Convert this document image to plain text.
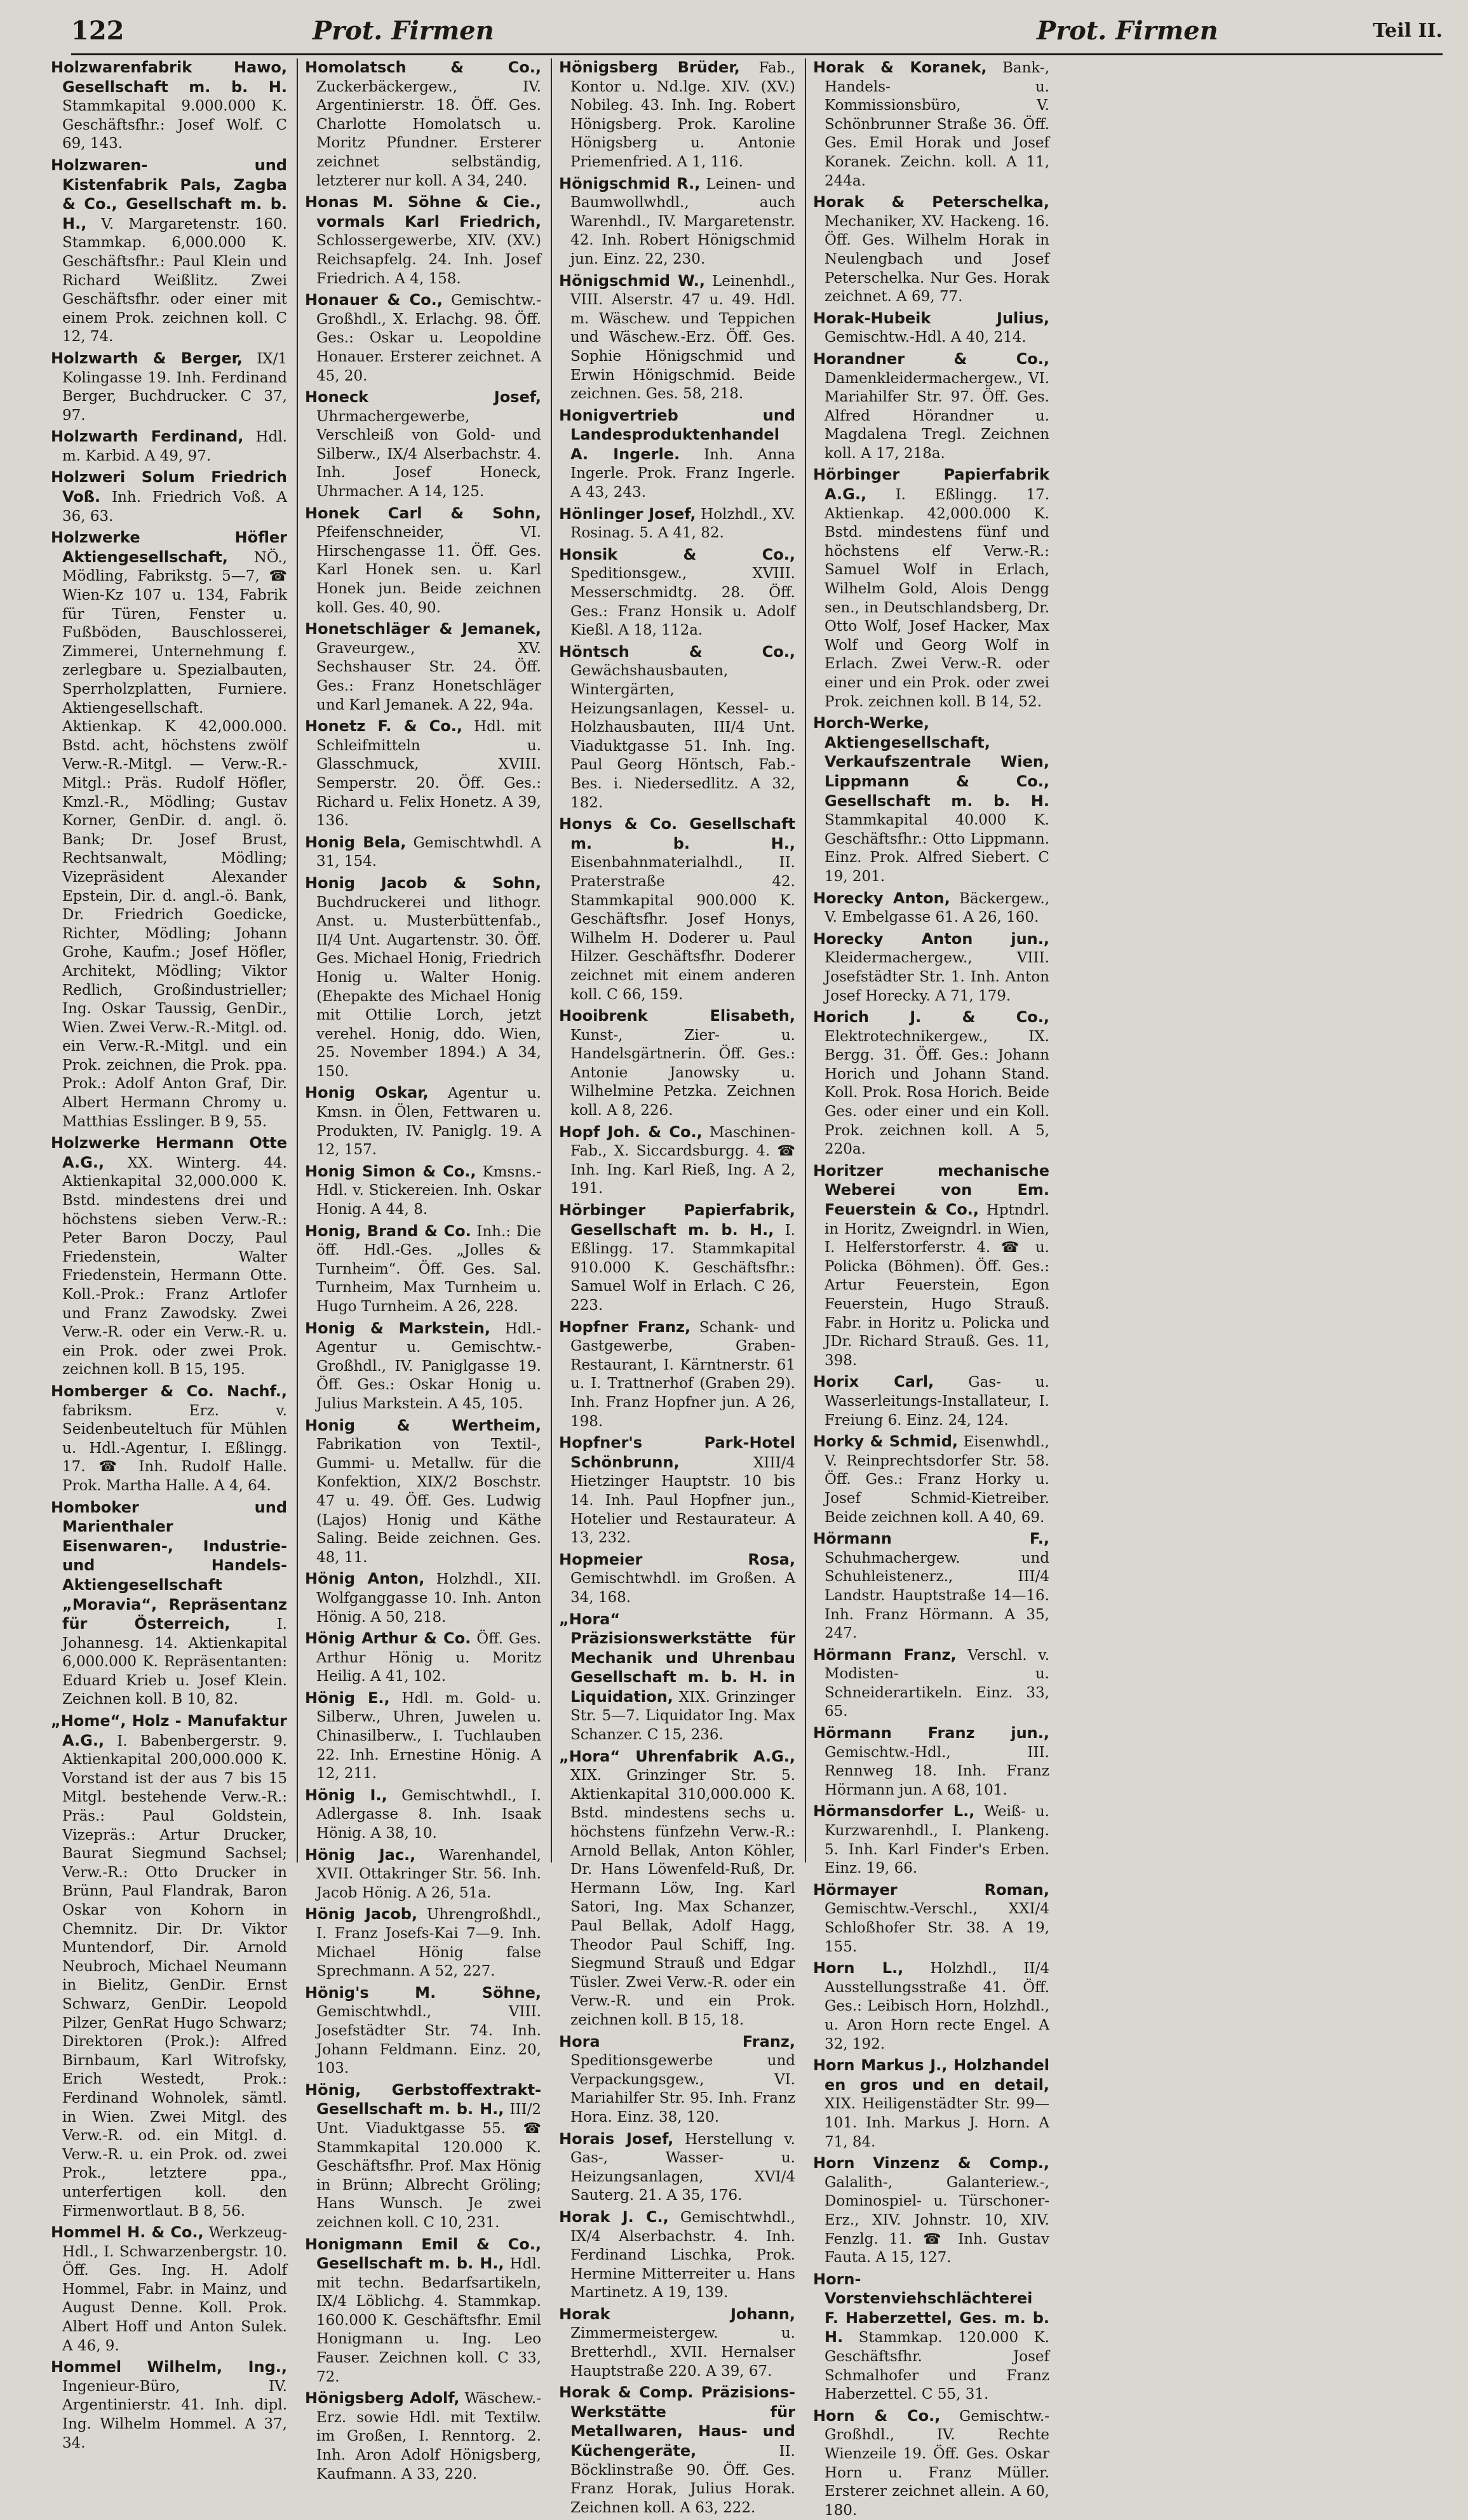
122	Prot. Firmen	Prot. Firmen	Teil II.

Holzwarenfabrik Hawo, Gesellschaft m. b. H. Stammkapital 9.000.000 K. Geschäftsfhr.: Josef Wolf. C 69, 143.

Holzwaren- und Kistenfabrik Pals, Zagba & Co., Gesellschaft m. b. H., V. Margaretenstr. 160. Stammkap. 6,000.000 K. Geschäftsfhr.: Paul Klein und Richard Weißlitz. Zwei Geschäftsfhr. oder einer mit einem Prok. zeichnen koll. C 12, 74.

Holzwarth & Berger, IX/1 Kolingasse 19. Inh. Ferdinand Berger, Buchdrucker. C 37, 97.

Holzwarth Ferdinand, Hdl. m. Karbid. A 49, 97.

Holzweri Solum Friedrich Voß. Inh. Friedrich Voß. A 36, 63.

Holzwerke Höfler Aktiengesellschaft, NÖ., Mödling, Fabrikstg. 5—7, ☎ Wien-Kz 107 u. 134, Fabrik für Türen, Fenster u. Fußböden, Bauschlosserei, Zimmerei, Unternehmung f. zerlegbare u. Spezialbauten, Sperrholzplatten, Furniere. Aktiengesellschaft. Aktienkap. K 42,000.000. Bstd. acht, höchstens zwölf Verw.-R.-Mitgl. — Verw.-R.-Mitgl.: Präs. Rudolf Höfler, Kmzl.-R., Mödling; Gustav Korner, GenDir. d. angl. ö. Bank; Dr. Josef Brust, Rechtsanwalt, Mödling; Vizepräsident Alexander Epstein, Dir. d. angl.-ö. Bank, Dr. Friedrich Goedicke, Richter, Mödling; Johann Grohe, Kaufm.; Josef Höfler, Architekt, Mödling; Viktor Redlich, Großindustrieller; Ing. Oskar Taussig, GenDir., Wien. Zwei Verw.-R.-Mitgl. od. ein Verw.-R.-Mitgl. und ein Prok. zeichnen, die Prok. ppa. Prok.: Adolf Anton Graf, Dir. Albert Hermann Chromy u. Matthias Esslinger. B 9, 55.

Holzwerke Hermann Otte A.G., XX. Winterg. 44. Aktienkapital 32,000.000 K. Bstd. mindestens drei und höchstens sieben Verw.-R.: Peter Baron Doczy, Paul Friedenstein, Walter Friedenstein, Hermann Otte. Koll.-Prok.: Franz Artlofer und Franz Zawodsky. Zwei Verw.-R. oder ein Verw.-R. u. ein Prok. oder zwei Prok. zeichnen koll. B 15, 195.

Homberger & Co. Nachf., fabriksm. Erz. v. Seidenbeuteltuch für Mühlen u. Hdl.-Agentur, I. Eßlingg. 17. ☎ Inh. Rudolf Halle. Prok. Martha Halle. A 4, 64.

Homboker und Marienthaler Eisenwaren-, Industrie- und Handels- Aktiengesellschaft „Moravia“, Repräsentanz für Österreich, I. Johannesg. 14. Aktienkapital 6,000.000 K. Repräsentanten: Eduard Krieb u. Josef Klein. Zeichnen koll. B 10, 82.

„Home“, Holz - Manufaktur A.G., I. Babenbergerstr. 9. Aktienkapital 200,000.000 K. Vorstand ist der aus 7 bis 15 Mitgl. bestehende Verw.-R.: Präs.: Paul Goldstein, Vizepräs.: Artur Drucker, Baurat Siegmund Sachsel; Verw.-R.: Otto Drucker in Brünn, Paul Flandrak, Baron Oskar von Kohorn in Chemnitz. Dir. Dr. Viktor Muntendorf, Dir. Arnold Neubroch, Michael Neumann in Bielitz, GenDir. Ernst Schwarz, GenDir. Leopold Pilzer, GenRat Hugo Schwarz; Direktoren (Prok.): Alfred Birnbaum, Karl Witrofsky, Erich Westedt, Prok.: Ferdinand Wohnolek, sämtl. in Wien. Zwei Mitgl. des Verw.-R. od. ein Mitgl. d. Verw.-R. u. ein Prok. od. zwei Prok., letztere ppa., unterfertigen koll. den Firmenwortlaut. B 8, 56.

Hommel H. & Co., Werkzeug-Hdl., I. Schwarzenbergstr. 10. Öff. Ges. Ing. H. Adolf Hommel, Fabr. in Mainz, und August Denne. Koll. Prok. Albert Hoff und Anton Sulek. A 46, 9.

Hommel Wilhelm, Ing., Ingenieur-Büro, IV. Argentinierstr. 41. Inh. dipl. Ing. Wilhelm Hommel. A 37, 34.

Homolatsch & Co., Zuckerbäckergew., IV. Argentinierstr. 18. Öff. Ges. Charlotte Homolatsch u. Moritz Pfundner. Ersterer zeichnet selbständig, letzterer nur koll. A 34, 240.

Honas M. Söhne & Cie., vormals Karl Friedrich, Schlossergewerbe, XIV. (XV.) Reichsapfelg. 24. Inh. Josef Friedrich. A 4, 158.

Honauer & Co., Gemischtw.-Großhdl., X. Erlachg. 98. Öff. Ges.: Oskar u. Leopoldine Honauer. Ersterer zeichnet. A 45, 20.

Honeck Josef, Uhrmachergewerbe, Verschleiß von Gold- und Silberw., IX/4 Alserbachstr. 4. Inh. Josef Honeck, Uhrmacher. A 14, 125.

Honek Carl & Sohn, Pfeifenschneider, VI. Hirschengasse 11. Öff. Ges. Karl Honek sen. u. Karl Honek jun. Beide zeichnen koll. Ges. 40, 90.

Honetschläger & Jemanek, Graveurgew., XV. Sechshauser Str. 24. Öff. Ges.: Franz Honetschläger und Karl Jemanek. A 22, 94a.

Honetz F. & Co., Hdl. mit Schleifmitteln u. Glasschmuck, XVIII. Semperstr. 20. Öff. Ges.: Richard u. Felix Honetz. A 39, 136.

Honig Bela, Gemischtwhdl. A 31, 154.

Honig Jacob & Sohn, Buchdruckerei und lithogr. Anst. u. Musterbüttenfab., II/4 Unt. Augartenstr. 30. Öff. Ges. Michael Honig, Friedrich Honig u. Walter Honig. (Ehepakte des Michael Honig mit Ottilie Lorch, jetzt verehel. Honig, ddo. Wien, 25. November 1894.) A 34, 150.

Honig Oskar, Agentur u. Kmsn. in Ölen, Fettwaren u. Produkten, IV. Paniglg. 19. A 12, 157.

Honig Simon & Co., Kmsns.-Hdl. v. Stickereien. Inh. Oskar Honig. A 44, 8.

Honig, Brand & Co. Inh.: Die öff. Hdl.-Ges. „Jolles & Turnheim“. Öff. Ges. Sal. Turnheim, Max Turnheim u. Hugo Turnheim. A 26, 228.

Honig & Markstein, Hdl.-Agentur u. Gemischtw.-Großhdl., IV. Paniglgasse 19. Öff. Ges.: Oskar Honig u. Julius Markstein. A 45, 105.

Honig & Wertheim, Fabrikation von Textil-, Gummi- u. Metallw. für die Konfektion, XIX/2 Boschstr. 47 u. 49. Öff. Ges. Ludwig (Lajos) Honig und Käthe Saling. Beide zeichnen. Ges. 48, 11.

Hönig Anton, Holzhdl., XII. Wolfganggasse 10. Inh. Anton Hönig. A 50, 218.

Hönig Arthur & Co. Öff. Ges. Arthur Hönig u. Moritz Heilig. A 41, 102.

Hönig E., Hdl. m. Gold- u. Silberw., Uhren, Juwelen u. Chinasilberw., I. Tuchlauben 22. Inh. Ernestine Hönig. A 12, 211.

Hönig I., Gemischtwhdl., I. Adlergasse 8. Inh. Isaak Hönig. A 38, 10.

Hönig Jac., Warenhandel, XVII. Ottakringer Str. 56. Inh. Jacob Hönig. A 26, 51a.

Hönig Jacob, Uhrengroßhdl., I. Franz Josefs-Kai 7—9. Inh. Michael Hönig false Sprechmann. A 52, 227.

Hönig's M. Söhne, Gemischtwhdl., VIII. Josefstädter Str. 74. Inh. Johann Feldmann. Einz. 20, 103.

Hönig, Gerbstoffextrakt-Gesellschaft m. b. H., III/2 Unt. Viaduktgasse 55. ☎ Stammkapital 120.000 K. Geschäftsfhr. Prof. Max Hönig in Brünn; Albrecht Gröling; Hans Wunsch. Je zwei zeichnen koll. C 10, 231.

Honigmann Emil & Co., Gesellschaft m. b. H., Hdl. mit techn. Bedarfsartikeln, IX/4 Löblichg. 4. Stammkap. 160.000 K. Geschäftsfhr. Emil Honigmann u. Ing. Leo Fauser. Zeichnen koll. C 33, 72.

Hönigsberg Adolf, Wäschew.-Erz. sowie Hdl. mit Textilw. im Großen, I. Renntorg. 2. Inh. Aron Adolf Hönigsberg, Kaufmann. A 33, 220.

Hönigsberg Brüder, Fab., Kontor u. Nd.lge. XIV. (XV.) Nobileg. 43. Inh. Ing. Robert Hönigsberg. Prok. Karoline Hönigsberg u. Antonie Priemenfried. A 1, 116.

Hönigschmid R., Leinen- und Baumwollwhdl., auch Warenhdl., IV. Margaretenstr. 42. Inh. Robert Hönigschmid jun. Einz. 22, 230.

Hönigschmid W., Leinenhdl., VIII. Alserstr. 47 u. 49. Hdl. m. Wäschew. und Teppichen und Wäschew.-Erz. Öff. Ges. Sophie Hönigschmid und Erwin Hönigschmid. Beide zeichnen. Ges. 58, 218.

Honigvertrieb und Landesproduktenhandel A. Ingerle. Inh. Anna Ingerle. Prok. Franz Ingerle. A 43, 243.

Hönlinger Josef, Holzhdl., XV. Rosinag. 5. A 41, 82.

Honsik & Co., Speditionsgew., XVIII. Messerschmidtg. 28. Öff. Ges.: Franz Honsik u. Adolf Kießl. A 18, 112a.

Höntsch & Co., Gewächshausbauten, Wintergärten, Heizungsanlagen, Kessel- u. Holzhausbauten, III/4 Unt. Viaduktgasse 51. Inh. Ing. Paul Georg Höntsch, Fab.-Bes. i. Niedersedlitz. A 32, 182.

Honys & Co. Gesellschaft m. b. H., Eisenbahnmaterialhdl., II. Praterstraße 42. Stammkapital 900.000 K. Geschäftsfhr. Josef Honys, Wilhelm H. Doderer u. Paul Hilzer. Geschäftsfhr. Doderer zeichnet mit einem anderen koll. C 66, 159.

Hooibrenk Elisabeth, Kunst-, Zier- u. Handelsgärtnerin. Öff. Ges.: Antonie Janowsky u. Wilhelmine Petzka. Zeichnen koll. A 8, 226.

Hopf Joh. & Co., Maschinen-Fab., X. Siccardsburgg. 4. ☎ Inh. Ing. Karl Rieß, Ing. A 2, 191.

Hörbinger Papierfabrik, Gesellschaft m. b. H., I. Eßlingg. 17. Stammkapital 910.000 K. Geschäftsfhr.: Samuel Wolf in Erlach. C 26, 223.

Hopfner Franz, Schank- und Gastgewerbe, Graben-Restaurant, I. Kärntnerstr. 61 u. I. Trattnerhof (Graben 29). Inh. Franz Hopfner jun. A 26, 198.

Hopfner's Park-Hotel Schönbrunn, XIII/4 Hietzinger Hauptstr. 10 bis 14. Inh. Paul Hopfner jun., Hotelier und Restaurateur. A 13, 232.

Hopmeier Rosa, Gemischtwhdl. im Großen. A 34, 168.

„Hora“ Präzisionswerkstätte für Mechanik und Uhrenbau Gesellschaft m. b. H. in Liquidation, XIX. Grinzinger Str. 5—7. Liquidator Ing. Max Schanzer. C 15, 236.

„Hora“ Uhrenfabrik A.G., XIX. Grinzinger Str. 5. Aktienkapital 310,000.000 K. Bstd. mindestens sechs u. höchstens fünfzehn Verw.-R.: Arnold Bellak, Anton Köhler, Dr. Hans Löwenfeld-Ruß, Dr. Hermann Löw, Ing. Karl Satori, Ing. Max Schanzer, Paul Bellak, Adolf Hagg, Theodor Paul Schiff, Ing. Siegmund Strauß und Edgar Tüsler. Zwei Verw.-R. oder ein Verw.-R. und ein Prok. zeichnen koll. B 15, 18.

Hora Franz, Speditionsgewerbe und Verpackungsgew., VI. Mariahilfer Str. 95. Inh. Franz Hora. Einz. 38, 120.

Horais Josef, Herstellung v. Gas-, Wasser- u. Heizungsanlagen, XVI/4 Sauterg. 21. A 35, 176.

Horak J. C., Gemischtwhdl., IX/4 Alserbachstr. 4. Inh. Ferdinand Lischka, Prok. Hermine Mitterreiter u. Hans Martinetz. A 19, 139.

Horak Johann, Zimmermeistergew. u. Bretterhdl., XVII. Hernalser Hauptstraße 220. A 39, 67.

Horak & Comp. Präzisions-Werkstätte für Metallwaren, Haus- und Küchengeräte, II. Böcklinstraße 90. Öff. Ges. Franz Horak, Julius Horak. Zeichnen koll. A 63, 222.

Horak & Koranek, Bank-, Handels- u. Kommissionsbüro, V. Schönbrunner Straße 36. Öff. Ges. Emil Horak und Josef Koranek. Zeichn. koll. A 11, 244a.

Horak & Peterschelka, Mechaniker, XV. Hackeng. 16. Öff. Ges. Wilhelm Horak in Neulengbach und Josef Peterschelka. Nur Ges. Horak zeichnet. A 69, 77.

Horak-Hubeik Julius, Gemischtw.-Hdl. A 40, 214.

Horandner & Co., Damenkleidermachergew., VI. Mariahilfer Str. 97. Öff. Ges. Alfred Hörandner u. Magdalena Tregl. Zeichnen koll. A 17, 218a.

Hörbinger Papierfabrik A.G., I. Eßlingg. 17. Aktienkap. 42,000.000 K. Bstd. mindestens fünf und höchstens elf Verw.-R.: Samuel Wolf in Erlach, Wilhelm Gold, Alois Dengg sen., in Deutschlandsberg, Dr. Otto Wolf, Josef Hacker, Max Wolf und Georg Wolf in Erlach. Zwei Verw.-R. oder einer und ein Prok. oder zwei Prok. zeichnen koll. B 14, 52.

Horch-Werke, Aktiengesellschaft, Verkaufszentrale Wien, Lippmann & Co., Gesellschaft m. b. H. Stammkapital 40.000 K. Geschäftsfhr.: Otto Lippmann. Einz. Prok. Alfred Siebert. C 19, 201.

Horecky Anton, Bäckergew., V. Embelgasse 61. A 26, 160.

Horecky Anton jun., Kleidermachergew., VIII. Josefstädter Str. 1. Inh. Anton Josef Horecky. A 71, 179.

Horich J. & Co., Elektrotechnikergew., IX. Bergg. 31. Öff. Ges.: Johann Horich und Johann Stand. Koll. Prok. Rosa Horich. Beide Ges. oder einer und ein Koll. Prok. zeichnen koll. A 5, 220a.

Horitzer mechanische Weberei von Em. Feuerstein & Co., Hptndrl. in Horitz, Zweigndrl. in Wien, I. Helferstorferstr. 4. ☎ u. Policka (Böhmen). Öff. Ges.: Artur Feuerstein, Egon Feuerstein, Hugo Strauß. Fabr. in Horitz u. Policka und JDr. Richard Strauß. Ges. 11, 398.

Horix Carl, Gas- u. Wasserleitungs-Installateur, I. Freiung 6. Einz. 24, 124.

Horky & Schmid, Eisenwhdl., V. Reinprechtsdorfer Str. 58. Öff. Ges.: Franz Horky u. Josef Schmid-Kietreiber. Beide zeichnen koll. A 40, 69.

Hörmann F., Schuhmachergew. und Schuhleistenerz., III/4 Landstr. Hauptstraße 14—16. Inh. Franz Hörmann. A 35, 247.

Hörmann Franz, Verschl. v. Modisten- u. Schneiderartikeln. Einz. 33, 65.

Hörmann Franz jun., Gemischtw.-Hdl., III. Rennweg 18. Inh. Franz Hörmann jun. A 68, 101.

Hörmansdorfer L., Weiß- u. Kurzwarenhdl., I. Plankeng. 5. Inh. Karl Finder's Erben. Einz. 19, 66.

Hörmayer Roman, Gemischtw.-Verschl., XXI/4 Schloßhofer Str. 38. A 19, 155.

Horn L., Holzhdl., II/4 Ausstellungsstraße 41. Öff. Ges.: Leibisch Horn, Holzhdl., u. Aron Horn recte Engel. A 32, 192.

Horn Markus J., Holzhandel en gros und en detail, XIX. Heiligenstädter Str. 99—101. Inh. Markus J. Horn. A 71, 84.

Horn Vinzenz & Comp., Galalith-, Galanteriew.-, Dominospiel- u. Türschoner-Erz., XIV. Johnstr. 10, XIV. Fenzlg. 11. ☎ Inh. Gustav Fauta. A 15, 127.

Horn- Vorstenviehschlächterei F. Haberzettel, Ges. m. b. H. Stammkap. 120.000 K. Geschäftsfhr. Josef Schmalhofer und Franz Haberzettel. C 55, 31.

Horn & Co., Gemischtw.-Großhdl., IV. Rechte Wienzeile 19. Öff. Ges. Oskar Horn u. Franz Müller. Ersterer zeichnet allein. A 60, 180.
